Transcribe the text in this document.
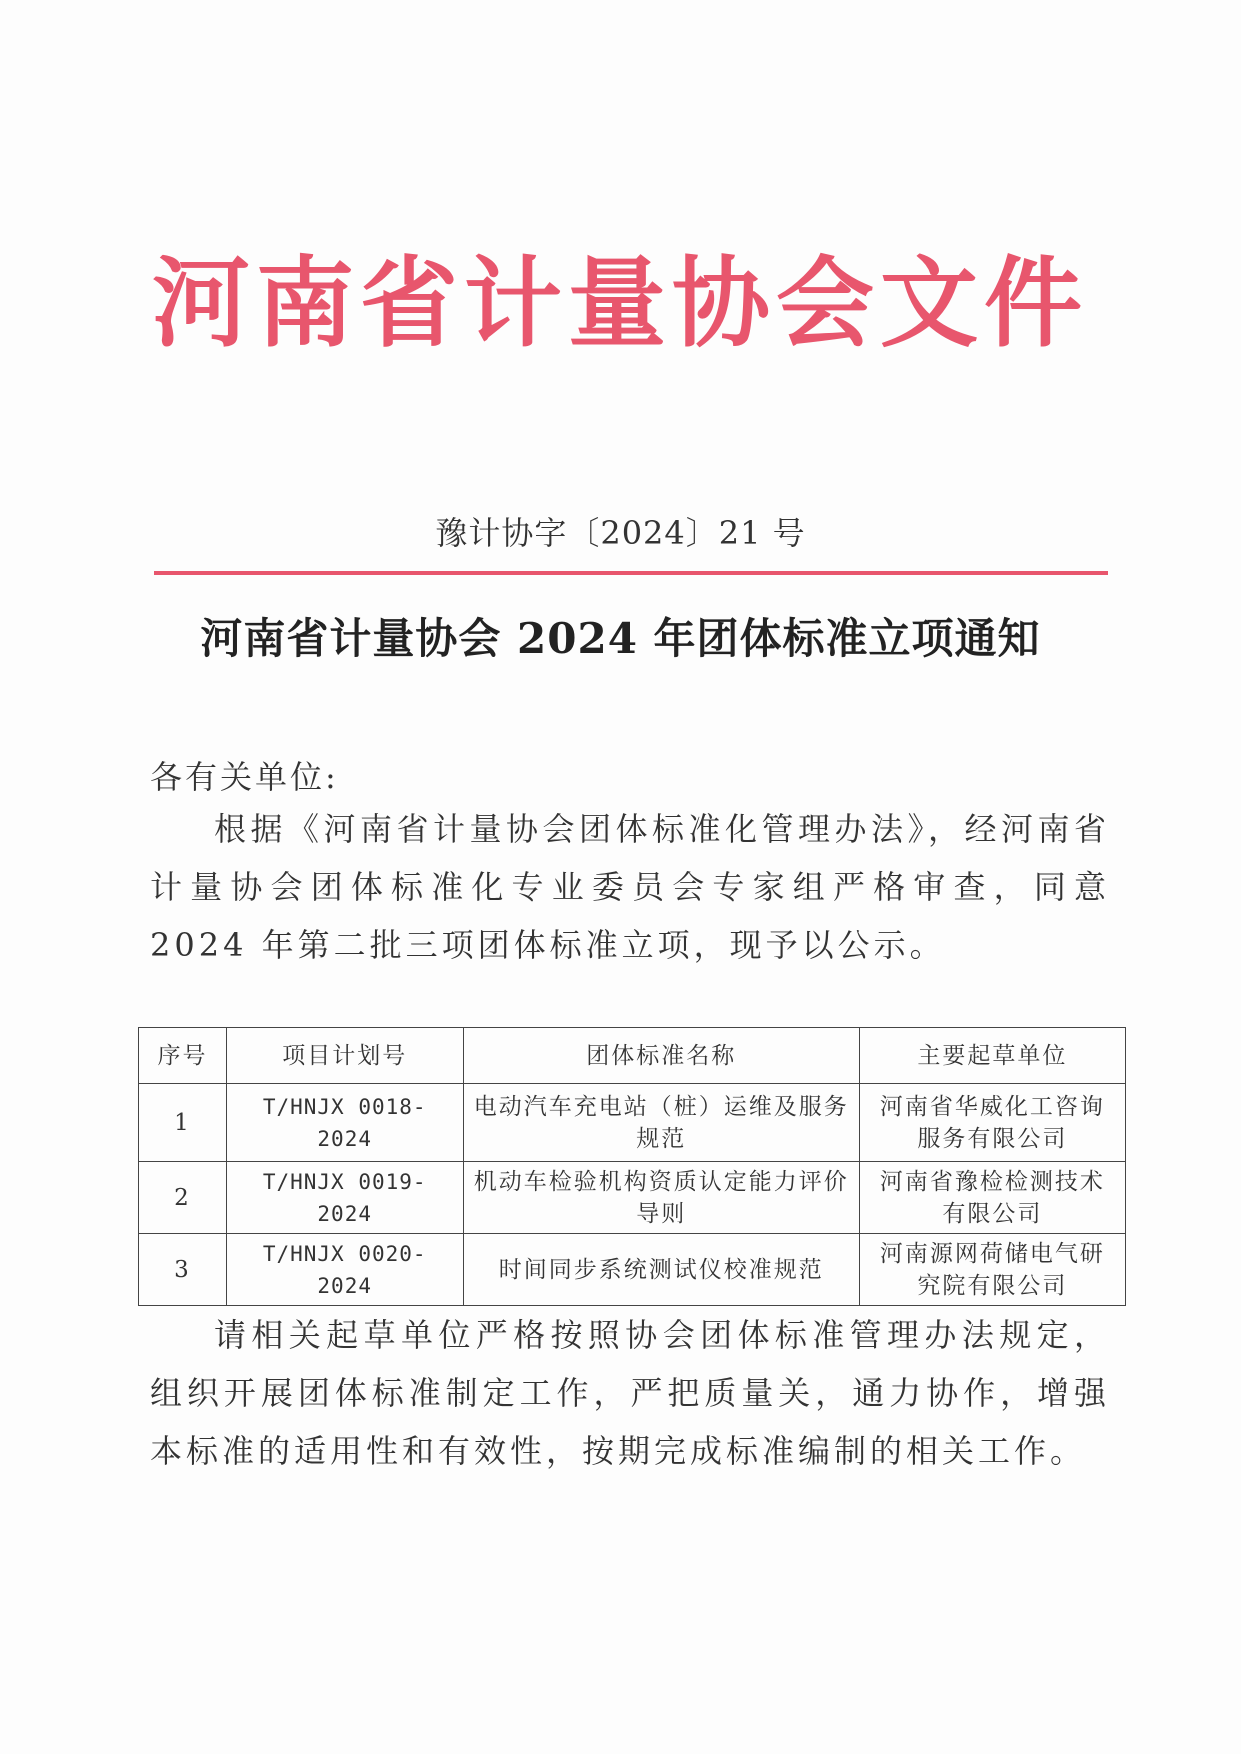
河南省计量协会文件
豫计协字〔2024〕21 号
河南省计量协会 2024 年团体标准立项通知
各有关单位:
根据《河南省计量协会团体标准化管理办法》，经河南省计量协会团体标准化专业委员会专家组严格审查，同意 2024 年第二批三项团体标准立项，现予以公示。
序号	项目计划号	团体标准名称	主要起草单位
1	T/HNJX 0018-2024	电动汽车充电站（桩）运维及服务规范	河南省华威化工咨询服务有限公司
2	T/HNJX 0019-2024	机动车检验机构资质认定能力评价导则	河南省豫检检测技术有限公司
3	T/HNJX 0020-2024	时间同步系统测试仪校准规范	河南源网荷储电气研究院有限公司
请相关起草单位严格按照协会团体标准管理办法规定，组织开展团体标准制定工作，严把质量关，通力协作，增强本标准的适用性和有效性，按期完成标准编制的相关工作。
